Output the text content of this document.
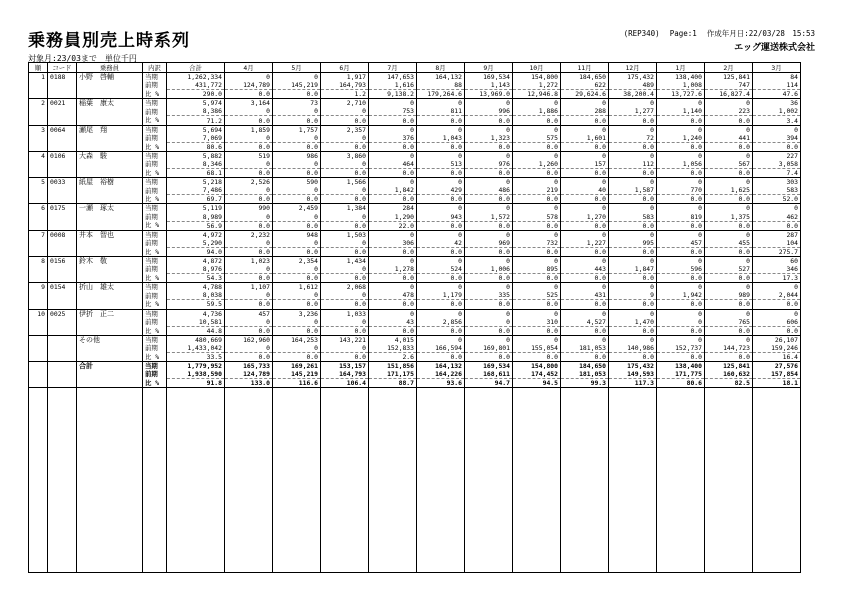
乗務員別売上時系列
対象月:23/03まで　単位千円
(REP340) Page:1 作成年月日:22/03/28　15:53
エッグ運送株式会社
順	コード	乗務員	内訳	合計	4月	5月	6月	7月	8月	9月	10月	11月	12月	1月	2月	3月
1	0188	小野　啓輔	当期	1,262,334	0	0	1,917	147,653	164,132	169,534	154,800	184,650	175,432	138,400	125,841	84
			前期	431,772	124,789	145,219	164,793	1,616	88	1,143	1,272	622	489	1,008	747	114
			比 %	290.0	0.0	0.0	1.2	9,138.2	179,264.6	13,969.0	12,946.8	29,624.6	38,200.4	13,727.6	16,827.4	47.6
2	0021	稲葉　康太	当期	5,974	3,164	73	2,710	0	0	0	0	0	0	0	0	36
			前期	8,386	0	0	0	753	811	996	1,886	288	1,277	1,140	223	1,002
			比 %	71.2	0.0	0.0	0.0	0.0	0.0	0.0	0.0	0.0	0.0	0.0	0.0	3.4
3	0064	瀬尾　翔	当期	5,694	1,859	1,757	2,357	0	0	0	0	0	0	0	0	0
			前期	7,069	0	0	0	376	1,043	1,323	575	1,601	72	1,240	441	394
			比 %	80.6	0.0	0.0	0.0	0.0	0.0	0.0	0.0	0.0	0.0	0.0	0.0	0.0
4	0106	大森　駿	当期	5,882	519	986	3,860	0	0	0	0	0	0	0	0	227
			前期	8,346	0	0	0	464	513	976	1,260	157	112	1,056	567	3,058
			比 %	68.1	0.0	0.0	0.0	0.0	0.0	0.0	0.0	0.0	0.0	0.0	0.0	7.4
5	0033	紙屋　裕樹	当期	5,218	2,526	590	1,566	0	0	0	0	0	0	0	0	303
			前期	7,486	0	0	0	1,842	429	486	219	40	1,587	770	1,625	583
			比 %	69.7	0.0	0.0	0.0	0.0	0.0	0.0	0.0	0.0	0.0	0.0	0.0	52.0
6	0175	一瀬　琢太	当期	5,119	990	2,459	1,384	284	0	0	0	0	0	0	0	0
			前期	8,989	0	0	0	1,290	943	1,572	578	1,270	583	819	1,375	462
			比 %	56.9	0.0	0.0	0.0	22.0	0.0	0.0	0.0	0.0	0.0	0.0	0.0	0.0
7	0008	井本　智也	当期	4,972	2,232	948	1,503	0	0	0	0	0	0	0	0	287
			前期	5,290	0	0	0	306	42	969	732	1,227	995	457	455	104
			比 %	94.0	0.0	0.0	0.0	0.0	0.0	0.0	0.0	0.0	0.0	0.0	0.0	275.7
8	0156	鈴木　敬	当期	4,872	1,023	2,354	1,434	0	0	0	0	0	0	0	0	60
			前期	8,976	0	0	0	1,278	524	1,006	895	443	1,847	596	527	346
			比 %	54.3	0.0	0.0	0.0	0.0	0.0	0.0	0.0	0.0	0.0	0.0	0.0	17.3
9	0154	折山　雄太	当期	4,788	1,107	1,612	2,068	0	0	0	0	0	0	0	0	0
			前期	8,038	0	0	0	478	1,179	335	525	431	9	1,942	989	2,044
			比 %	59.5	0.0	0.0	0.0	0.0	0.0	0.0	0.0	0.0	0.0	0.0	0.0	0.0
10	0025	伊折　正二	当期	4,736	457	3,236	1,033	0	0	0	0	0	0	0	0	0
			前期	10,581	0	0	0	43	2,856	0	310	4,527	1,470	0	765	606
			比 %	44.8	0.0	0.0	0.0	0.0	0.0	0.0	0.0	0.0	0.0	0.0	0.0	0.0
		その他	当期	480,669	162,960	164,253	143,221	4,015	0	0	0	0	0	0	0	26,107
			前期	1,433,042	0	0	0	152,833	166,594	169,801	155,054	181,053	140,986	152,737	144,723	159,246
			比 %	33.5	0.0	0.0	0.0	2.6	0.0	0.0	0.0	0.0	0.0	0.0	0.0	16.4
		合計	当期	1,779,952	165,733	169,261	153,157	151,856	164,132	169,534	154,800	184,650	175,432	138,400	125,841	27,576
			前期	1,938,590	124,789	145,219	164,793	171,175	164,226	168,611	174,452	181,053	149,593	171,775	160,632	157,854
			比 %	91.8	133.0	116.6	106.4	88.7	93.6	94.7	94.5	99.3	117.3	80.6	82.5	18.1
